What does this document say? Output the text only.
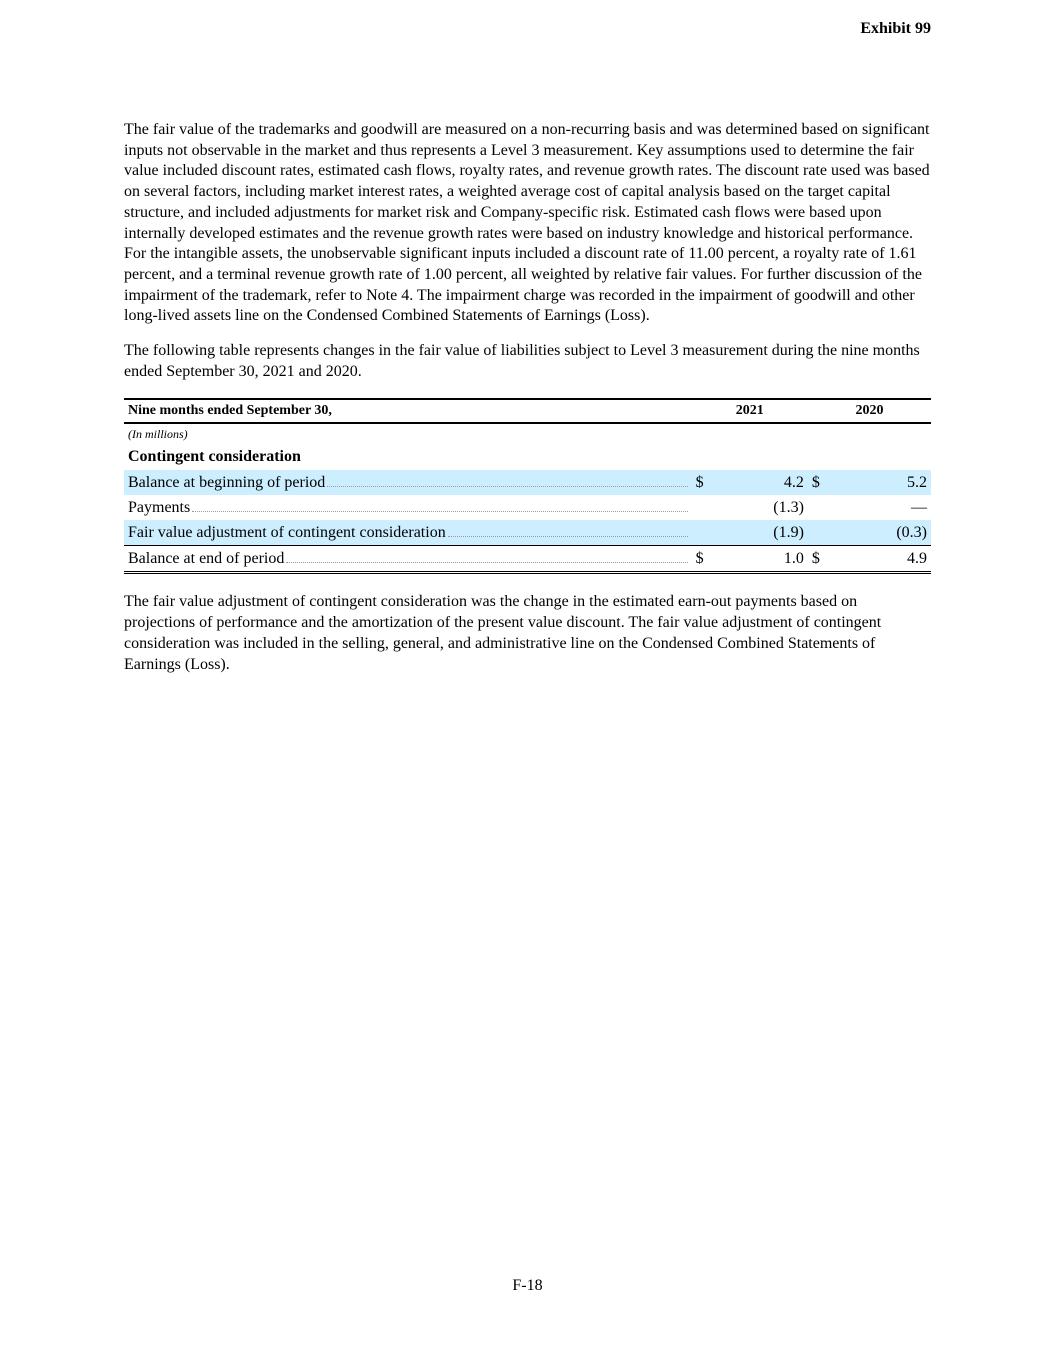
Exhibit 99

The fair value of the trademarks and goodwill are measured on a non-recurring basis and was determined based on significant inputs not observable in the market and thus represents a Level 3 measurement. Key assumptions used to determine the fair value included discount rates, estimated cash flows, royalty rates, and revenue growth rates. The discount rate used was based on several factors, including market interest rates, a weighted average cost of capital analysis based on the target capital structure, and included adjustments for market risk and Company-specific risk. Estimated cash flows were based upon internally developed estimates and the revenue growth rates were based on industry knowledge and historical performance. For the intangible assets, the unobservable significant inputs included a discount rate of 11.00 percent, a royalty rate of 1.61 percent, and a terminal revenue growth rate of 1.00 percent, all weighted by relative fair values. For further discussion of the impairment of the trademark, refer to Note 4. The impairment charge was recorded in the impairment of goodwill and other long-lived assets line on the Condensed Combined Statements of Earnings (Loss).

The following table represents changes in the fair value of liabilities subject to Level 3 measurement during the nine months ended September 30, 2021 and 2020.

Nine months ended September 30,	2021		2020	
(In millions)				
Contingent consideration				

Balance at beginning of period	$	4.2	$	5.2

Payments		(1.3)		—

Fair value adjustment of contingent consideration		(1.9)		(0.3)

Balance at end of period	$	1.0	$	4.9

The fair value adjustment of contingent consideration was the change in the estimated earn-out payments based on projections of performance and the amortization of the present value discount. The fair value adjustment of contingent consideration was included in the selling, general, and administrative line on the Condensed Combined Statements of Earnings (Loss).

F-18
